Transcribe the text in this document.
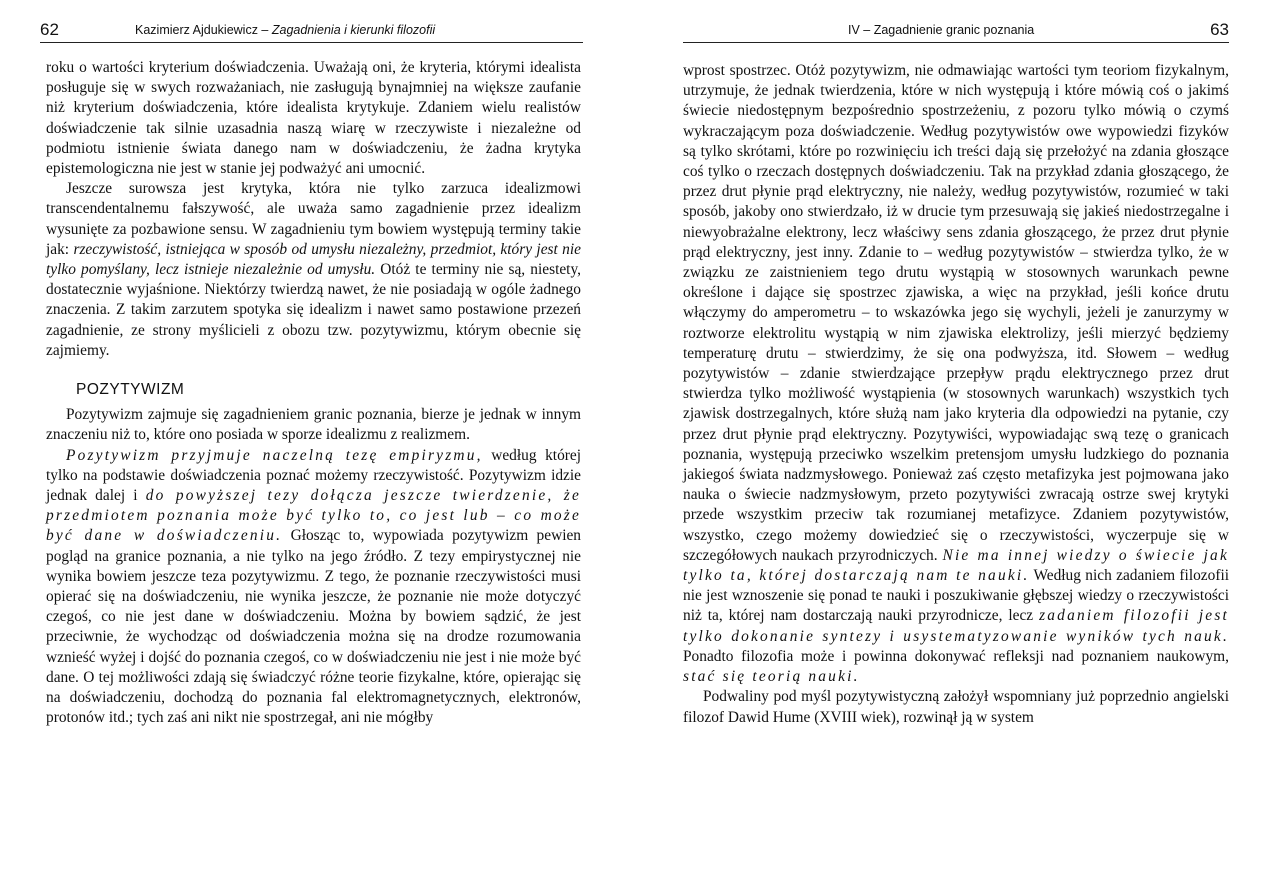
62	Kazimierz Ajdukiewicz – Zagadnienia i kierunki filozofii

roku o wartości kryterium doświadczenia. Uważają oni, że kryteria, którymi idealista posługuje się w swych rozważaniach, nie zasługują bynajmniej na większe zaufanie niż kryterium doświadczenia, które idealista krytykuje. Zdaniem wielu realistów doświadczenie tak silnie uzasadnia naszą wiarę w rzeczywiste i niezależne od podmiotu istnienie świata danego nam w doświadczeniu, że żadna krytyka epistemologiczna nie jest w stanie jej podważyć ani umocnić.

Jeszcze surowsza jest krytyka, która nie tylko zarzuca idealizmowi transcendentalnemu fałszywość, ale uważa samo zagadnienie przez idealizm wysunięte za pozbawione sensu. W zagadnieniu tym bowiem występują terminy takie jak: rzeczywistość, istniejąca w sposób od umysłu niezależny, przedmiot, który jest nie tylko pomyślany, lecz istnieje niezależnie od umysłu. Otóż te terminy nie są, niestety, dostatecznie wyjaśnione. Niektórzy twierdzą nawet, że nie posiadają w ogóle żadnego znaczenia. Z takim zarzutem spotyka się idealizm i nawet samo postawione przezeń zagadnienie, ze strony myślicieli z obozu tzw. pozytywizmu, którym obecnie się zajmiemy.

POZYTYWIZM

Pozytywizm zajmuje się zagadnieniem granic poznania, bierze je jednak w innym znaczeniu niż to, które ono posiada w sporze idealizmu z realizmem.

Pozytywizm przyjmuje naczelną tezę empiryzmu, według której tylko na podstawie doświadczenia poznać możemy rzeczywistość. Pozytywizm idzie jednak dalej i do powyższej tezy dołącza jeszcze twierdzenie, że przedmiotem poznania może być tylko to, co jest lub – co może być dane w doświadczeniu. Głosząc to, wypowiada pozytywizm pewien pogląd na granice poznania, a nie tylko na jego źródło. Z tezy empirystycznej nie wynika bowiem jeszcze teza pozytywizmu. Z tego, że poznanie rzeczywistości musi opierać się na doświadczeniu, nie wynika jeszcze, że poznanie nie może dotyczyć czegoś, co nie jest dane w doświadczeniu. Można by bowiem sądzić, że jest przeciwnie, że wychodząc od doświadczenia można się na drodze rozumowania wznieść wyżej i dojść do poznania czegoś, co w doświadczeniu nie jest i nie może być dane. O tej możliwości zdają się świadczyć różne teorie fizykalne, które, opierając się na doświadczeniu, dochodzą do poznania fal elektromagnetycznych, elektronów, protonów itd.; tych zaś ani nikt nie spostrzegał, ani nie mógłby

IV – Zagadnienie granic poznania	63

wprost spostrzec. Otóż pozytywizm, nie odmawiając wartości tym teoriom fizykalnym, utrzymuje, że jednak twierdzenia, które w nich występują i które mówią coś o jakimś świecie niedostępnym bezpośrednio spostrzeżeniu, z pozoru tylko mówią o czymś wykraczającym poza doświadczenie. Według pozytywistów owe wypowiedzi fizyków są tylko skrótami, które po rozwinięciu ich treści dają się przełożyć na zdania głoszące coś tylko o rzeczach dostępnych doświadczeniu. Tak na przykład zdania głoszącego, że przez drut płynie prąd elektryczny, nie należy, według pozytywistów, rozumieć w taki sposób, jakoby ono stwierdzało, iż w drucie tym przesuwają się jakieś niedostrzegalne i niewyobrażalne elektrony, lecz właściwy sens zdania głoszącego, że przez drut płynie prąd elektryczny, jest inny. Zdanie to – według pozytywistów – stwierdza tylko, że w związku ze zaistnieniem tego drutu wystąpią w stosownych warunkach pewne określone i dające się spostrzec zjawiska, a więc na przykład, jeśli końce drutu włączymy do amperometru – to wskazówka jego się wychyli, jeżeli je zanurzymy w roztworze elektrolitu wystąpią w nim zjawiska elektrolizy, jeśli mierzyć będziemy temperaturę drutu – stwierdzimy, że się ona podwyższa, itd. Słowem – według pozytywistów – zdanie stwierdzające przepływ prądu elektrycznego przez drut stwierdza tylko możliwość wystąpienia (w stosownych warunkach) wszystkich tych zjawisk dostrzegalnych, które służą nam jako kryteria dla odpowiedzi na pytanie, czy przez drut płynie prąd elektryczny. Pozytywiści, wypowiadając swą tezę o granicach poznania, występują przeciwko wszelkim pretensjom umysłu ludzkiego do poznania jakiegoś świata nadzmysłowego. Ponieważ zaś często metafizyka jest pojmowana jako nauka o świecie nadzmysłowym, przeto pozytywiści zwracają ostrze swej krytyki przede wszystkim przeciw tak rozumianej metafizyce. Zdaniem pozytywistów, wszystko, czego możemy dowiedzieć się o rzeczywistości, wyczerpuje się w szczegółowych naukach przyrodniczych. Nie ma innej wiedzy o świecie jak tylko ta, której dostarczają nam te nauki. Według nich zadaniem filozofii nie jest wznoszenie się ponad te nauki i poszukiwanie głębszej wiedzy o rzeczywistości niż ta, której nam dostarczają nauki przyrodnicze, lecz zadaniem filozofii jest tylko dokonanie syntezy i usystematyzowanie wyników tych nauk. Ponadto filozofia może i powinna dokonywać refleksji nad poznaniem naukowym, stać się teorią nauki.

Podwaliny pod myśl pozytywistyczną założył wspomniany już poprzednio angielski filozof Dawid Hume (XVIII wiek), rozwinął ją w system
